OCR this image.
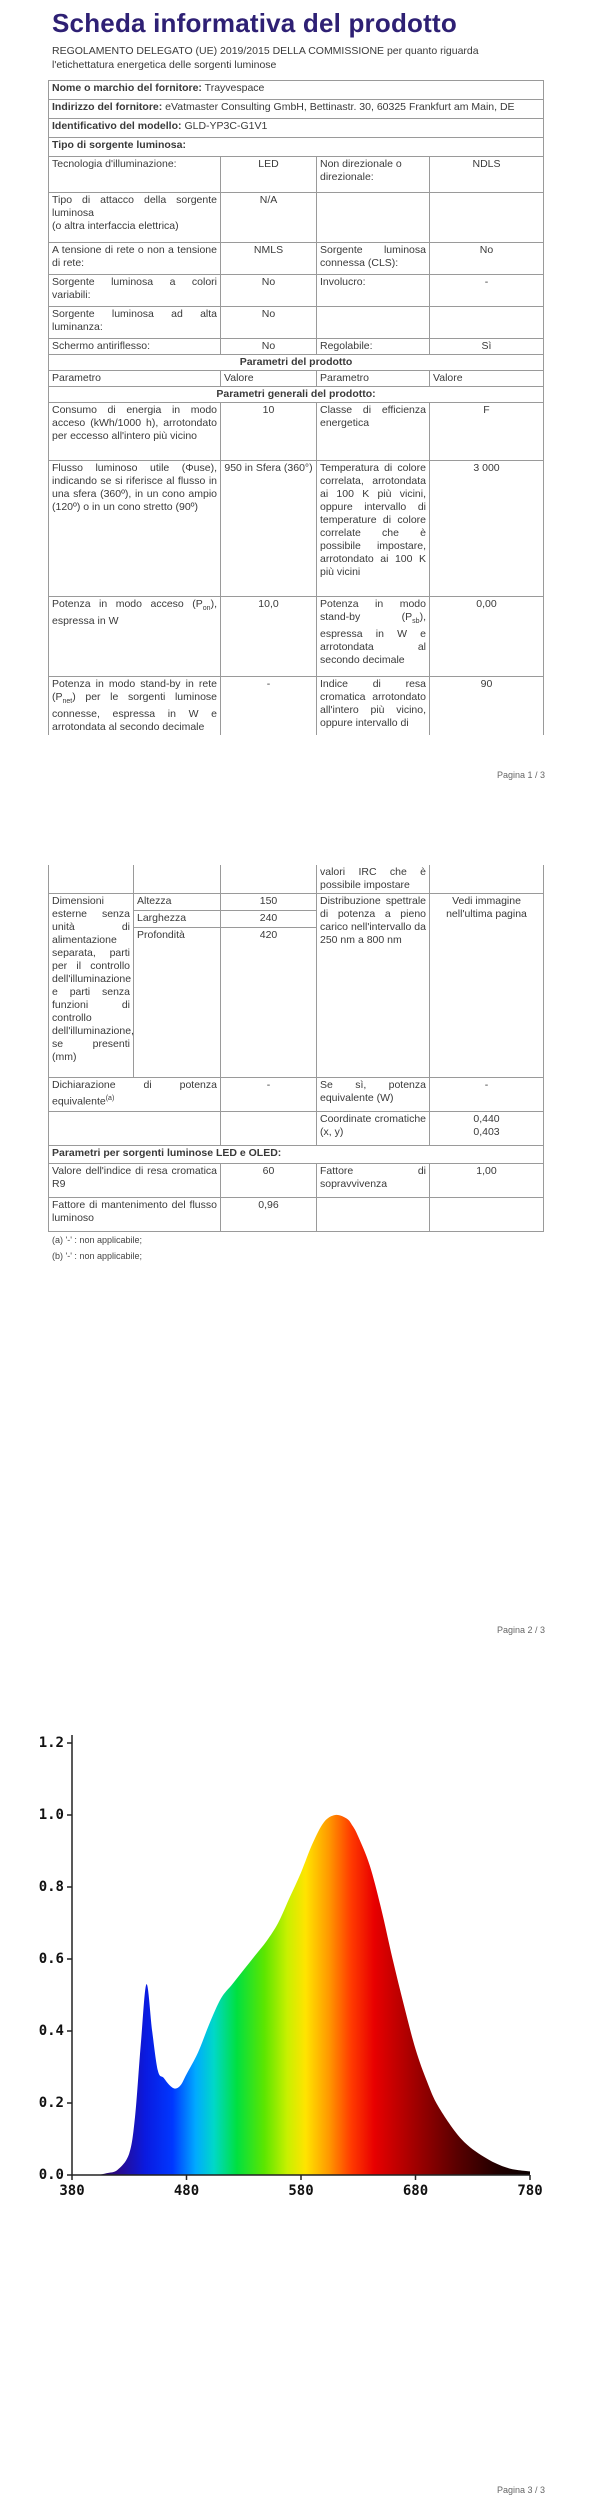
Scheda informativa del prodotto
REGOLAMENTO DELEGATO (UE) 2019/2015 DELLA COMMISSIONE per quanto riguarda l'etichettatura energetica delle sorgenti luminose
Nome o marchio del fornitore: Trayvespace			
Indirizzo del fornitore: eVatmaster Consulting GmbH, Bettinastr. 30, 60325 Frankfurt am Main, DE			
Identificativo del modello: GLD-YP3C-G1V1			
Tipo di sorgente luminosa:			
Tecnologia d'illuminazione:	LED	Non direzionale o direzionale:	NDLS

Tipo di attacco della sorgente luminosa
(o altra interfaccia elettrica)	N/A		
A tensione di rete o non a tensione di rete:	NMLS	Sorgente luminosa connessa (CLS):	No
Sorgente luminosa a colori variabili:	No	Involucro:	-
Sorgente luminosa ad alta luminanza:	No		
Schermo antiriflesso:	No	Regolabile:	Sì
Parametri del prodotto			
Parametro	Valore	Parametro	Valore
Parametri generali del prodotto:			
Consumo di energia in modo acceso (kWh/1000 h), arrotondato per eccesso all'intero più vicino	10	Classe di efficienza energetica	F
Flusso luminoso utile (Φuse), indicando se si riferisce al flusso in una sfera (360º), in un cono ampio (120º) o in un cono stretto (90º)	950 in Sfera (360°)	Temperatura di colore correlata, arrotondata ai 100 K più vicini, oppure intervallo di temperature di colore correlate che è possibile impostare, arrotondato ai 100 K più vicini	3 000
Potenza in modo acceso $(P_{on})$, espressa in W	10,0	Potenza in modo stand-by $(P_{sb})$, espressa in W e arrotondata al secondo decimale	0,00
Potenza in modo stand-by in rete $(P_{net})$ per le sorgenti luminose connesse, espressa in W e arrotondata al secondo decimale	-	Indice di resa cromatica arrotondato all'intero più vicino, oppure intervallo di	90
Pagina 1 / 3
			valori IRC che è possibile impostare	
Dimensioni esterne senza unità di alimentazione separata, parti per il controllo dell'illuminazione e parti senza funzioni di controllo dell'illuminazione, se presenti (mm)	Altezza	150	Distribuzione spettrale di potenza a pieno carico nell'intervallo da 250 nm a 800 nm	Vedi immagine nell'ultima pagina
	Larghezza	240		
	Profondità	420		
Dichiarazione di potenza equivalente$^{(a)}$		-	Se sì, potenza equivalente (W)	-
			Coordinate cromatiche (x, y)	0,440
0,403

Parametri per sorgenti luminose LED e OLED:				
Valore dell'indice di resa cromatica R9		60	Fattore di sopravvivenza	1,00
Fattore di mantenimento del flusso luminoso		0,96		
(a) '-' : non applicabile;
(b) '-' : non applicabile;
Pagina 2 / 3
0.0
0.2
0.4
0.6
0.8
1.0
1.2
380	480	580	680	780
Pagina 3 / 3
